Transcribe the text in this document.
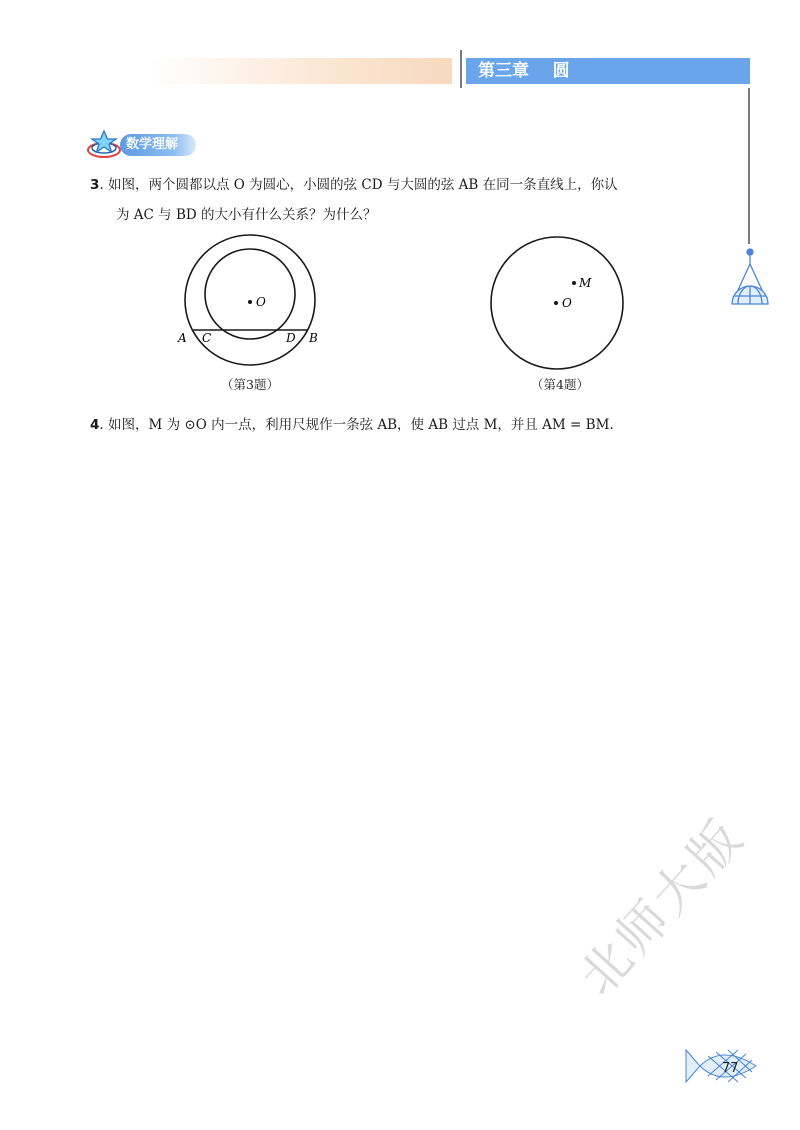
第三章    圆
数学理解
3. 如图，两个圆都以点 O 为圆心，小圆的弦 CD 与大圆的弦 AB 在同一条直线上，你认
为 AC 与 BD 的大小有什么关系？为什么？
O
A C	D B
（第3题）
O
M
（第4题）
4. 如图，M 为 ⊙O 内一点，利用尺规作一条弦 AB，使 AB 过点 M，并且 AM = BM.
北师大版
77
